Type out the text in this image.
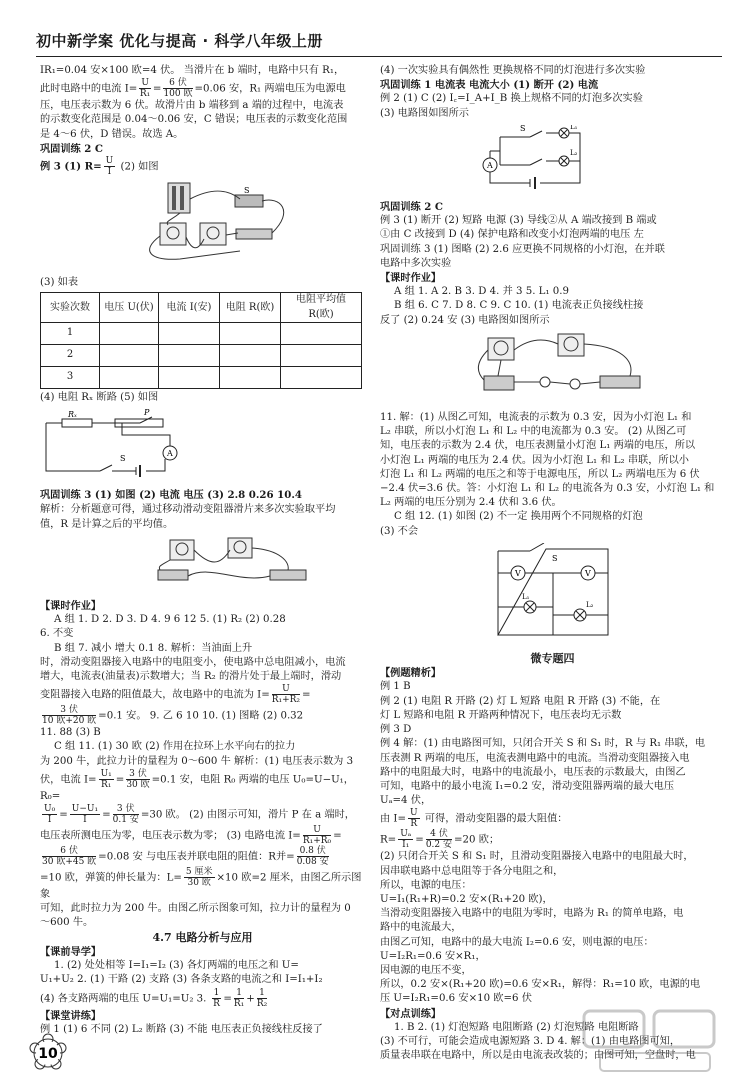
初中新学案 优化与提高 · 科学八年级上册

IR₁=0.04 安×100 欧=4 伏。 当滑片在 b 端时，电路中只有 R₁，

此时电路中的电流 $I= \frac{U}{\text{R₁}} = \frac{\text{6 伏}}{\text{100 欧}} =0.06$ 安，R₁ 两端电压为电源电

压，电压表示数为 6 伏。故滑片由 b 端移到 a 端的过程中，电流表

的示数变化范围是 0.04～0.06 安，C 错误；电压表的示数变化范围

是 4～6 伏，D 错误。故选 A。

巩固训练 2 C

例 3 (1) $R= \frac{U}{I} (2)$ 如图

S

(3) 如表

实验次数	电压 U(伏)	电流 I(安)	电阻 R(欧)	电阻平均值 R(欧)
1				
2				
3				

(4) 电阻 Rₓ 断路 (5) 如图

Rₓ	P
A
S

巩固训练 3 (1) 如图 (2) 电流 电压 (3) 2.8 0.26 10.4

解析：分析题意可得，通过移动滑动变阻器滑片来多次实验取平均

值，R 是计算之后的平均值。

【课时作业】

A 组 1. D 2. D 3. D 4. 9 6 12 5. (1) R₂ (2) 0.28

6. 不变

B 组 7. 减小 增大 0.1 8. 解析：当油面上升

时，滑动变阻器接入电路中的电阻变小，使电路中总电阻减小，电流

增大，电流表(油量表)示数增大；当 R₂ 的滑片处于最上端时，滑动

变阻器接入电路的阻值最大，故电路中的电流为 $I= \frac{U}{\text{R₁+R₂}}$ =

$\frac{\text{3 伏}}{\text{10 欧+20 欧}} =0.1$ 安。 9. 乙 6 10 10. (1) 图略 (2) 0.32

11. 88 (3) B

C 组 11. (1) 30 欧 (2) 作用在拉环上水平向右的拉力

为 200 牛，此拉力计的量程为 0～600 牛 解析：(1) 电压表示数为 3

伏，电流 $I= \frac{\text{U₁}}{\text{R₁}} = \frac{\text{3 伏}}{\text{30 欧}} =0.1$ 安，电阻 R₀ 两端的电压 U₀=U−U₁，R₀=

$\frac{\text{U₀}}{I} = \frac{\text{U−U₁}}{I} = \frac{\text{3 伏}}{\text{0.1 安}} =30$ 欧。 (2) 由图示可知，滑片 P 在 a 端时，

电压表所测电压为零，电压表示数为零； (3) 电路电流 $I= \frac{U}{\text{R₁+R₀}}$ =

$\frac{\text{6 伏}}{\text{30 欧+45 欧}} =0.08$ 安 与电压表并联电阻的阻值：R并= $\frac{\text{0.8 伏}}{\text{0.08 安}}$

=10 欧，弹簧的伸长量为：$L= \frac{\text{5 厘米}}{\text{30 欧}} \times 10$ 欧=2 厘米，由图乙所示图象

可知，此时拉力为 200 牛。由图乙所示图象可知，拉力计的量程为 0

～600 牛。

4.7 电路分析与应用

【课前导学】

1. (2) 处处相等 I=I₁=I₂ (3) 各灯两端的电压之和 U=

U₁+U₂ 2. (1) 干路 (2) 支路 (3) 各条支路的电流之和 I=I₁+I₂

(4) 各支路两端的电压 U=U₁=U₂ 3. $\frac{1}{R} = \frac{1}{\text{R₁}} + \frac{1}{\text{R₂}}$

【课堂讲练】

例 1 (1) 6 不同 (2) L₂ 断路 (3) 不能 电压表正负接线柱反接了

(4) 一次实验具有偶然性 更换规格不同的灯泡进行多次实验

巩固训练 1 电流表 电流大小 (1) 断开 (2) 电流

例 2 (1) C (2) I꜀=I_A+I_B 换上规格不同的灯泡多次实验

(3) 电路图如图所示

A
S	L₁
L₂

巩固训练 2 C

例 3 (1) 断开 (2) 短路 电源 (3) 导线②从 A 端改接到 B 端或

①由 C 改接到 D (4) 保护电路和改变小灯泡两端的电压 左

巩固训练 3 (1) 图略 (2) 2.6 应更换不同规格的小灯泡，在并联

电路中多次实验

【课时作业】

A 组 1. A 2. B 3. D 4. 并 3 5. L₁ 0.9

B 组 6. C 7. D 8. C 9. C 10. (1) 电流表正负接线柱接

反了 (2) 0.24 安 (3) 电路图如图所示

11. 解：(1) 从图乙可知，电流表的示数为 0.3 安，因为小灯泡 L₁ 和

L₂ 串联，所以小灯泡 L₁ 和 L₂ 中的电流都为 0.3 安。 (2) 从图乙可

知，电压表的示数为 2.4 伏，电压表测量小灯泡 L₁ 两端的电压，所以

小灯泡 L₁ 两端的电压为 2.4 伏。因为小灯泡 L₁ 和 L₂ 串联，所以小

灯泡 L₁ 和 L₂ 两端的电压之和等于电源电压，所以 L₂ 两端电压为 6 伏

−2.4 伏=3.6 伏。答：小灯泡 L₁ 和 L₂ 的电流各为 0.3 安，小灯泡 L₁ 和

L₂ 两端的电压分别为 2.4 伏和 3.6 伏。

C 组 12. (1) 如图 (2) 不一定 换用两个不同规格的灯泡

(3) 不会

V	V
S
L₁
L₂

微专题四

【例题精析】

例 1 B

例 2 (1) 电阻 R 开路 (2) 灯 L 短路 电阻 R 开路 (3) 不能，在

灯 L 短路和电阻 R 开路两种情况下，电压表均无示数

例 3 D

例 4 解：(1) 由电路图可知，只闭合开关 S 和 S₁ 时，R 与 R₁ 串联，电

压表测 R 两端的电压，电流表测电路中的电流。当滑动变阻器接入电

路中的电阻最大时，电路中的电流最小，电压表的示数最大，由图乙

可知，电路中的最小电流 I₁=0.2 安，滑动变阻器两端的最大电压

Uₐ=4 伏，

由 $I= \frac{U}{R}$ 可得，滑动变阻器的最大阻值：

$R= \frac{\text{Uₐ}}{\text{I₁}} = \frac{\text{4 伏}}{\text{0.2 安}} =20$ 欧；

(2) 只闭合开关 S 和 S₁ 时，且滑动变阻器接入电路中的电阻最大时，

因串联电路中总电阻等于各分电阻之和，

所以，电源的电压：

U=I₁(R₁+R)=0.2 安×(R₁+20 欧)，

当滑动变阻器接入电路中的电阻为零时，电路为 R₁ 的简单电路，电

路中的电流最大，

由图乙可知，电路中的最大电流 I₂=0.6 安，则电源的电压：

U=I₂R₁=0.6 安×R₁，

因电源的电压不变，

所以，0.2 安×(R₁+20 欧)=0.6 安×R₁，解得：R₁=10 欧，电源的电

压 U=I₂R₁=0.6 安×10 欧=6 伏

【对点训练】

1. B 2. (1) 灯泡短路 电阻断路 (2) 灯泡短路 电阻断路

(3) 不可行，可能会造成电源短路 3. D 4. 解：(1) 由电路图可知，

质量表串联在电路中，所以是由电流表改装的；由图可知，空盘时，电

10
